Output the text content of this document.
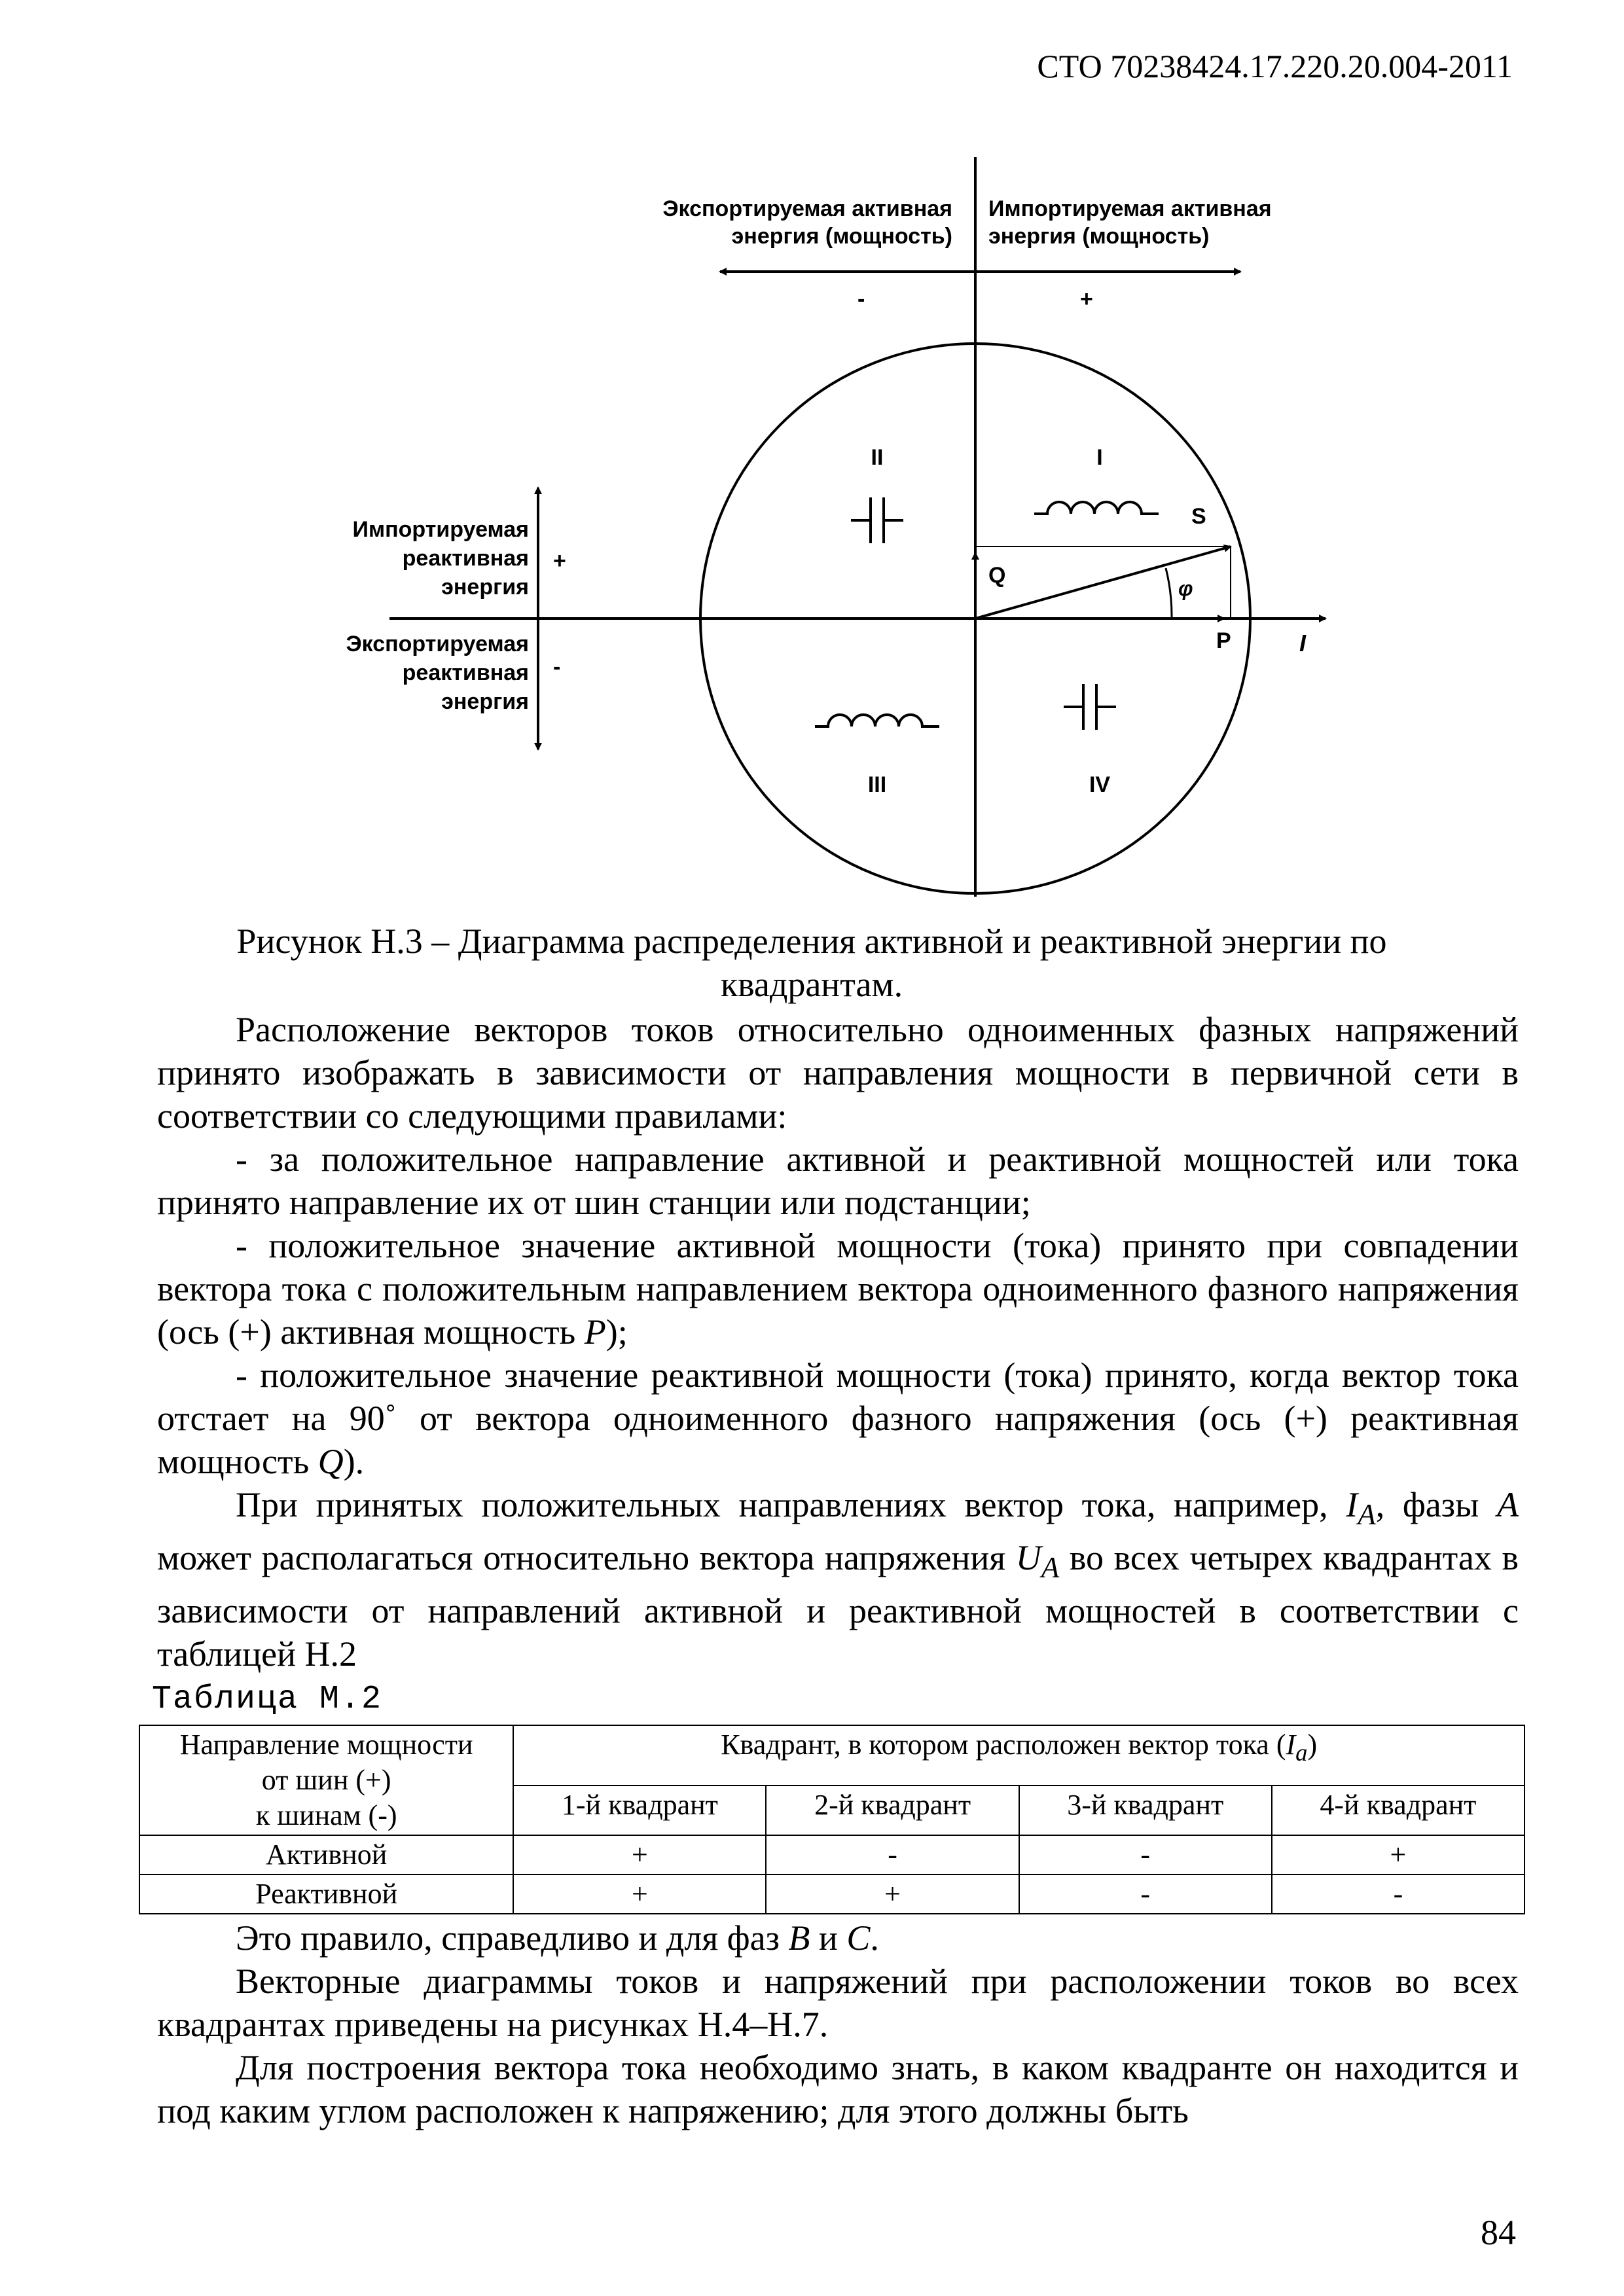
СТО 70238424.17.220.20.004-2011
Экспортируемая активная
энергия (мощность)
Импортируемая активная
энергия (мощность)
-	+
Импортируемая
реактивная
энергия
+
Экспортируемая
реактивная
энергия
-
I
II
III	IV
S
Q
P
φ
I
Рисунок Н.3 – Диаграмма распределения активной и реактивной энергии по
квадрантам.

Расположение векторов токов относительно одноименных фазных напряжений принято изображать в зависимости от направления мощности в первичной сети в соответствии со следующими правилами:

- за положительное направление активной и реактивной мощностей или тока принято направление их от шин станции или подстанции;

- положительное значение активной мощности (тока) принято при совпадении вектора тока с положительным направлением вектора одноименного фазного напряжения (ось (+) активная мощность P);

- положительное значение реактивной мощности (тока) принято, когда вектор тока отстает на 90˚ от вектора одноименного фазного напряжения (ось (+) реактивная мощность Q).

При принятых положительных направлениях вектор тока, например, $I_A$, фазы A может располагаться относительно вектора напряжения $U_A$ во всех четырех квадрантах в зависимости от направлений активной и реактивной мощностей в соответствии с таблицей Н.2

Таблица М.2
Направление мощности
от шин (+)
к шинам (-)	Квадрант, в котором расположен вектор тока $(I_a)$			
	1-й квадрант	2-й квадрант	3-й квадрант	4-й квадрант
Активной	+	-	-	+
Реактивной	+	+	-	-

Это правило, справедливо и для фаз B и C.

Векторные диаграммы токов и напряжений при расположении токов во всех квадрантах приведены на рисунках Н.4–Н.7.

Для построения вектора тока необходимо знать, в каком квадранте он находится и под каким углом расположен к напряжению; для этого должны быть

84
